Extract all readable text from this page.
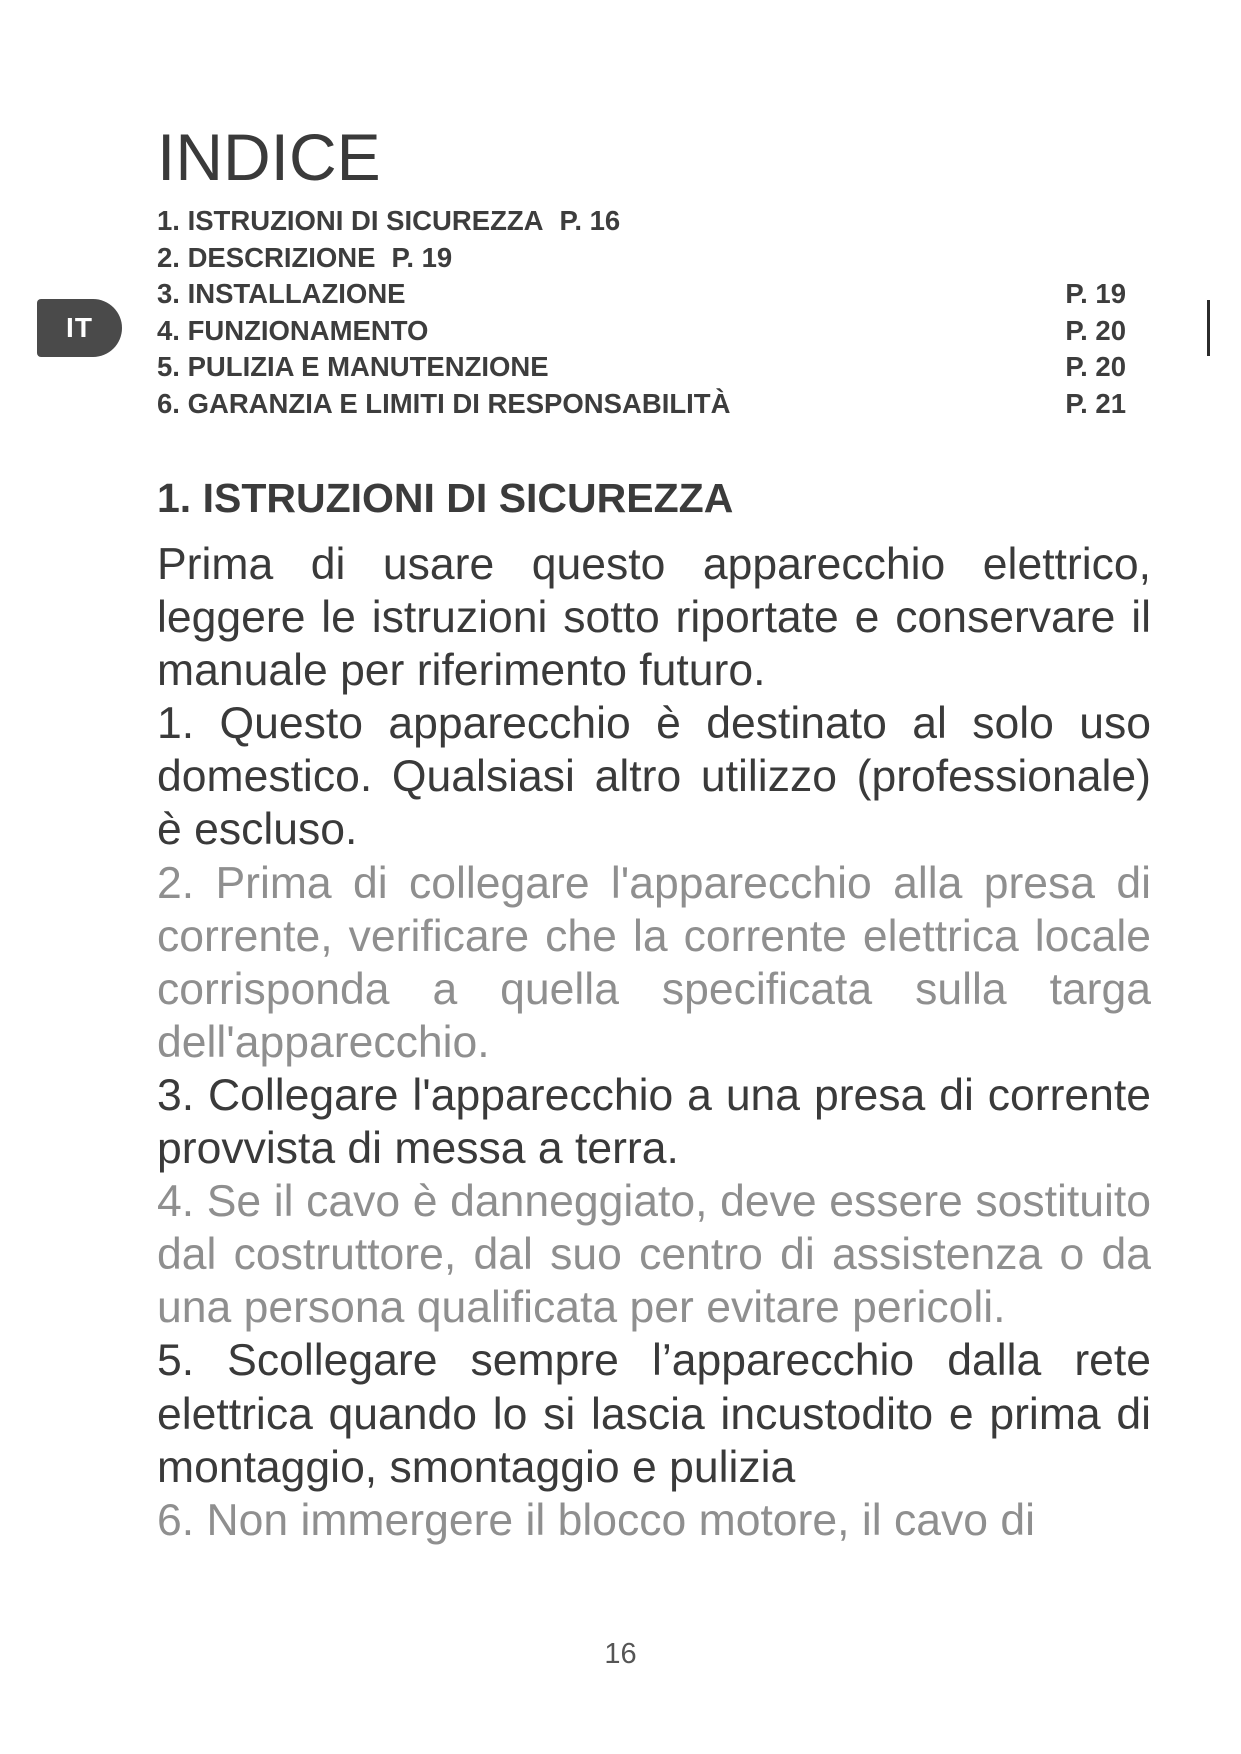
IT
INDICE
1. ISTRUZIONI DI SICUREZZA P. 16
2. DESCRIZIONE P. 19
3. INSTALLAZIONE	P. 19
4. FUNZIONAMENTO	P. 20
5. PULIZIA E MANUTENZIONE	P. 20
6. GARANZIA E LIMITI DI RESPONSABILITÀ	P. 21
1. ISTRUZIONI DI SICUREZZA

Prima di usare questo apparecchio elettrico, leggere le istruzioni sotto riportate e conservare il manuale per riferimento futuro.

1. Questo apparecchio è destinato al solo uso domestico. Qualsiasi altro utilizzo (professionale) è escluso.

2. Prima di collegare l'apparecchio alla presa di corrente, verificare che la corrente elettrica locale corrisponda a quella specificata sulla targa dell'apparecchio.

3. Collegare l'apparecchio a una presa di corrente provvista di messa a terra.

4. Se il cavo è danneggiato, deve essere sostituito dal costruttore, dal suo centro di assistenza o da una persona qualificata per evitare pericoli.

5. Scollegare sempre l’apparecchio dalla rete elettrica quando lo si lascia incustodito e prima di montaggio, smontaggio e pulizia

6. Non immergere il blocco motore, il cavo di

16
